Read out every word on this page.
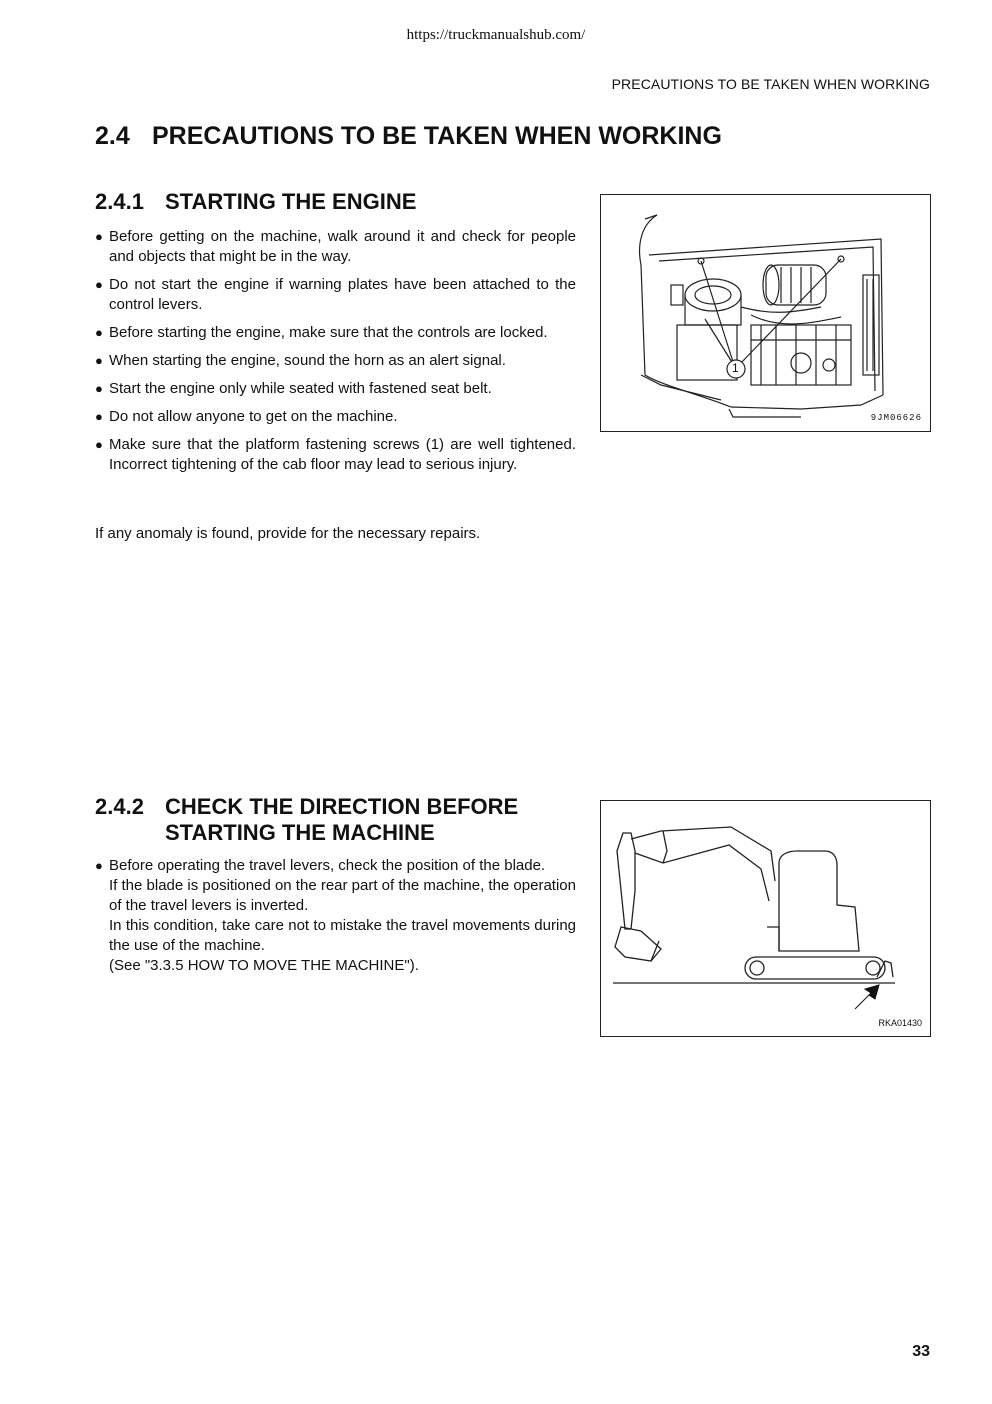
https://truckmanualshub.com/
PRECAUTIONS TO BE TAKEN WHEN WORKING
2.4 PRECAUTIONS TO BE TAKEN WHEN WORKING
2.4.1 STARTING THE ENGINE
● Before getting on the machine, walk around it and check for people and objects that might be in the way.

● Do not start the engine if warning plates have been attached to the control levers.

● Before starting the engine, make sure that the controls are locked.

● When starting the engine, sound the horn as an alert signal.

● Start the engine only while seated with fastened seat belt.

● Do not allow anyone to get on the machine.

● Make sure that the platform fastening screws (1) are well tightened. Incorrect tightening of the cab floor may lead to serious injury.

If any anomaly is found, provide for the necessary repairs.

1
9JM06626
2.4.2 CHECK THE DIRECTION BEFORE
STARTING THE MACHINE
● Before operating the travel levers, check the position of the blade.

If the blade is positioned on the rear part of the machine, the operation of the travel levers is inverted.

In this condition, take care not to mistake the travel movements during the use of the machine.

(See "3.3.5 HOW TO MOVE THE MACHINE").

RKA01430
33
